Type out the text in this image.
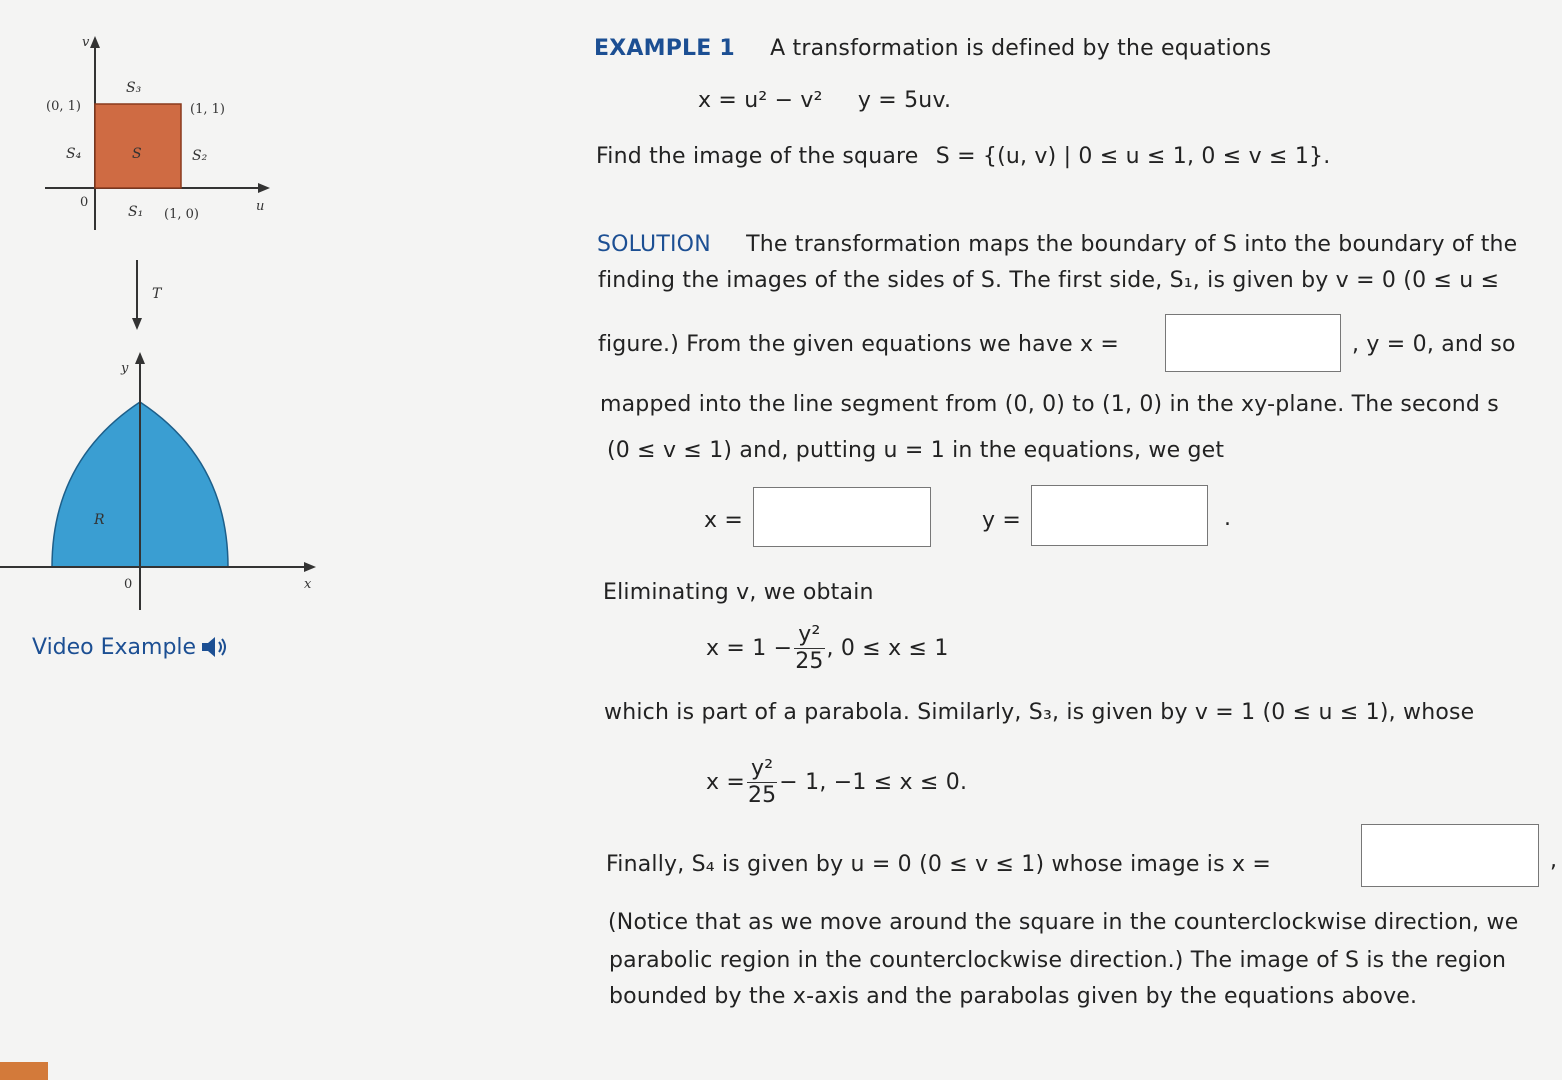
v
u
0
(0, 1)	(1, 1)
(1, 0)
S₁
S₂
S₃
S₄	S
T
y
x
0
R
Video Example
EXAMPLE 1 A transformation is defined by the equations
x = u² − v² y = 5uv.
Find the image of the square S = {(u, v) | 0 ≤ u ≤ 1, 0 ≤ v ≤ 1}.
SOLUTION The transformation maps the boundary of S into the boundary of the
finding the images of the sides of S. The first side, S₁, is given by v = 0 (0 ≤ u ≤
figure.) From the given equations we have x =	, y = 0, and so
mapped into the line segment from (0, 0) to (1, 0) in the xy-plane. The second s
(0 ≤ v ≤ 1) and, putting u = 1 in the equations, we get
x =	y =	.
Eliminating v, we obtain
$x = 1 - \frac{\text{y²}}{25}$ , 0 ≤ x ≤ 1
which is part of a parabola. Similarly, S₃, is given by v = 1 (0 ≤ u ≤ 1), whose
$x = \frac{\text{y²}}{25} - 1$, −1 ≤ x ≤ 0.
Finally, S₄ is given by u = 0 (0 ≤ v ≤ 1) whose image is x =	,
(Notice that as we move around the square in the counterclockwise direction, we
parabolic region in the counterclockwise direction.) The image of S is the region
bounded by the x-axis and the parabolas given by the equations above.
